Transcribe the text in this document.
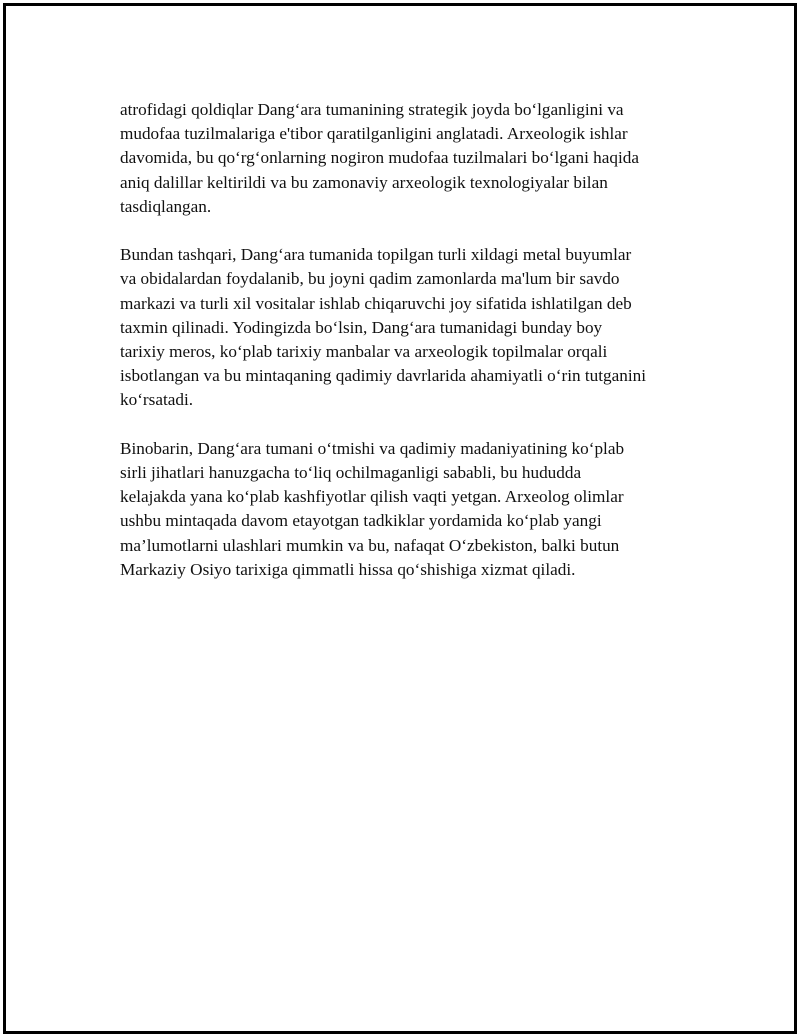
atrofidagi qoldiqlar Dang‘ara tumanining strategik joyda bo‘lganligini va
mudofaa tuzilmalariga e'tibor qaratilganligini anglatadi. Arxeologik ishlar
davomida, bu qo‘rg‘onlarning nogiron mudofaa tuzilmalari bo‘lgani haqida
aniq dalillar keltirildi va bu zamonaviy arxeologik texnologiyalar bilan
tasdiqlangan.

Bundan tashqari, Dang‘ara tumanida topilgan turli xildagi metal buyumlar
va obidalardan foydalanib, bu joyni qadim zamonlarda ma'lum bir savdo
markazi va turli xil vositalar ishlab chiqaruvchi joy sifatida ishlatilgan deb
taxmin qilinadi. Yodingizda bo‘lsin, Dang‘ara tumanidagi bunday boy
tarixiy meros, ko‘plab tarixiy manbalar va arxeologik topilmalar orqali
isbotlangan va bu mintaqaning qadimiy davrlarida ahamiyatli o‘rin tutganini
ko‘rsatadi.

Binobarin, Dang‘ara tumani o‘tmishi va qadimiy madaniyatining ko‘plab
sirli jihatlari hanuzgacha to‘liq ochilmaganligi sababli, bu hududda
kelajakda yana ko‘plab kashfiyotlar qilish vaqti yetgan. Arxeolog olimlar
ushbu mintaqada davom etayotgan tadkiklar yordamida ko‘plab yangi
ma’lumotlarni ulashlari mumkin va bu, nafaqat O‘zbekiston, balki butun
Markaziy Osiyo tarixiga qimmatli hissa qo‘shishiga xizmat qiladi.
